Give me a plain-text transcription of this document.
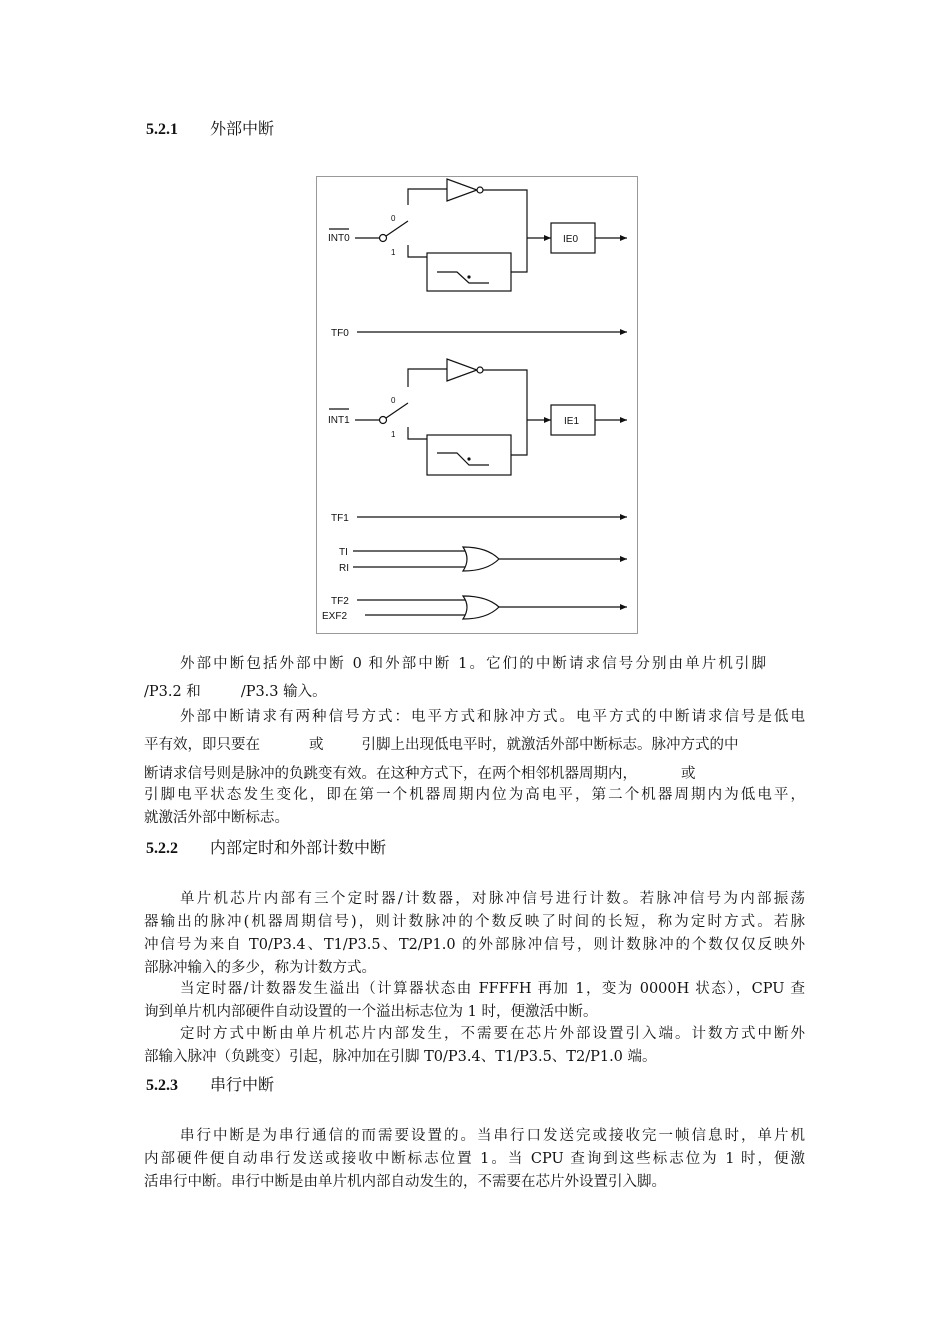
5.2.1 外部中断
INT0
0
1
IE0
TF0
INT1
0
1
IE1
TF1
TI
RI
TF2
EXF2
外部中断包括外部中断 0 和外部中断 1。它们的中断请求信号分别由单片机引脚
/P3.2 和	/P3.3 输入。
外部中断请求有两种信号方式：电平方式和脉冲方式。电平方式的中断请求信号是低电
平有效，即只要在	或	引脚上出现低电平时，就激活外部中断标志。脉冲方式的中
断请求信号则是脉冲的负跳变有效。在这种方式下，在两个相邻机器周期内，	或
引脚电平状态发生变化，即在第一个机器周期内位为高电平，第二个机器周期内为低电平，
就激活外部中断标志。
5.2.2 内部定时和外部计数中断
单片机芯片内部有三个定时器/计数器，对脉冲信号进行计数。若脉冲信号为内部振荡
器输出的脉冲(机器周期信号)，则计数脉冲的个数反映了时间的长短，称为定时方式。若脉
冲信号为来自 T0/P3.4、T1/P3.5、T2/P1.0 的外部脉冲信号，则计数脉冲的个数仅仅反映外
部脉冲输入的多少，称为计数方式。
当定时器/计数器发生溢出（计算器状态由 FFFFH 再加 1，变为 0000H 状态），CPU 查
询到单片机内部硬件自动设置的一个溢出标志位为 1 时，便激活中断。
定时方式中断由单片机芯片内部发生，不需要在芯片外部设置引入端。计数方式中断外
部输入脉冲（负跳变）引起，脉冲加在引脚 T0/P3.4、T1/P3.5、T2/P1.0 端。
5.2.3 串行中断
串行中断是为串行通信的而需要设置的。当串行口发送完或接收完一帧信息时，单片机
内部硬件便自动串行发送或接收中断标志位置 1。当 CPU 查询到这些标志位为 1 时，便激
活串行中断。串行中断是由单片机内部自动发生的，不需要在芯片外设置引入脚。
